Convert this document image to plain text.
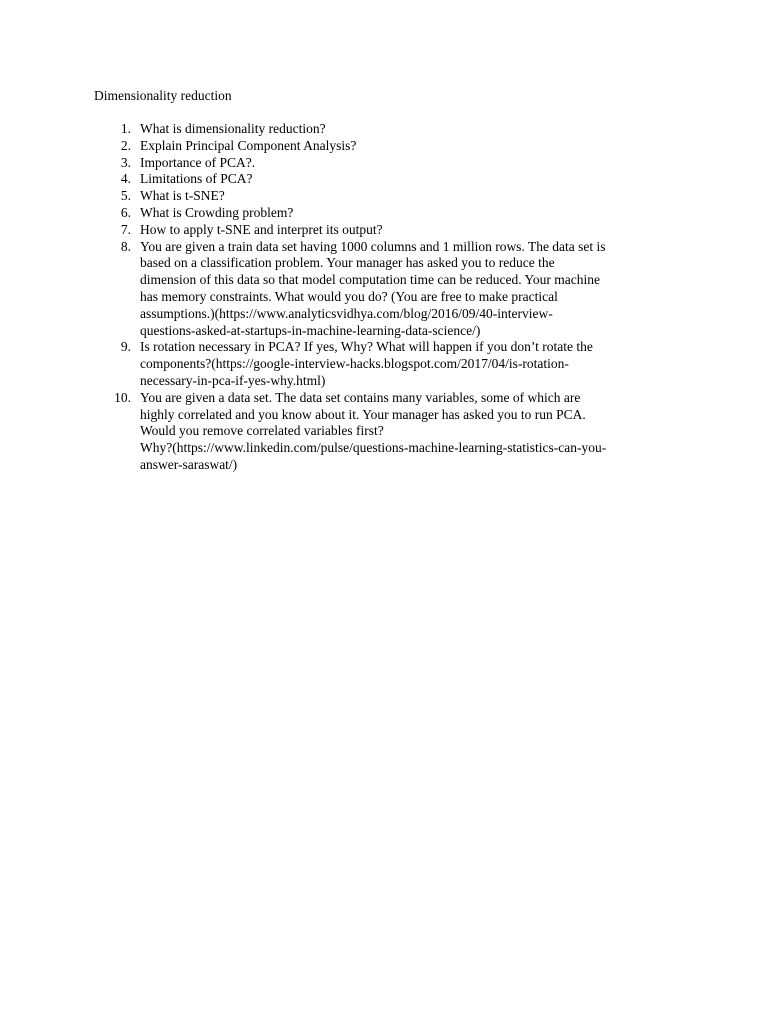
Dimensionality reduction
1. What is dimensionality reduction?
2. Explain Principal Component Analysis?
3. Importance of PCA?.
4. Limitations of PCA?
5. What is t-SNE?
6. What is Crowding problem?
7. How to apply t-SNE and interpret its output?
8. You are given a train data set having 1000 columns and 1 million rows. The data set is
based on a classification problem. Your manager has asked you to reduce the
dimension of this data so that model computation time can be reduced. Your machine
has memory constraints. What would you do? (You are free to make practical
assumptions.)(https://www.analyticsvidhya.com/blog/2016/09/40-interview-
questions-asked-at-startups-in-machine-learning-data-science/)
9. Is rotation necessary in PCA? If yes, Why? What will happen if you don’t rotate the
components?(https://google-interview-hacks.blogspot.com/2017/04/is-rotation-
necessary-in-pca-if-yes-why.html)
10. You are given a data set. The data set contains many variables, some of which are
highly correlated and you know about it. Your manager has asked you to run PCA.
Would you remove correlated variables first?
Why?(https://www.linkedin.com/pulse/questions-machine-learning-statistics-can-you-
answer-saraswat/)
